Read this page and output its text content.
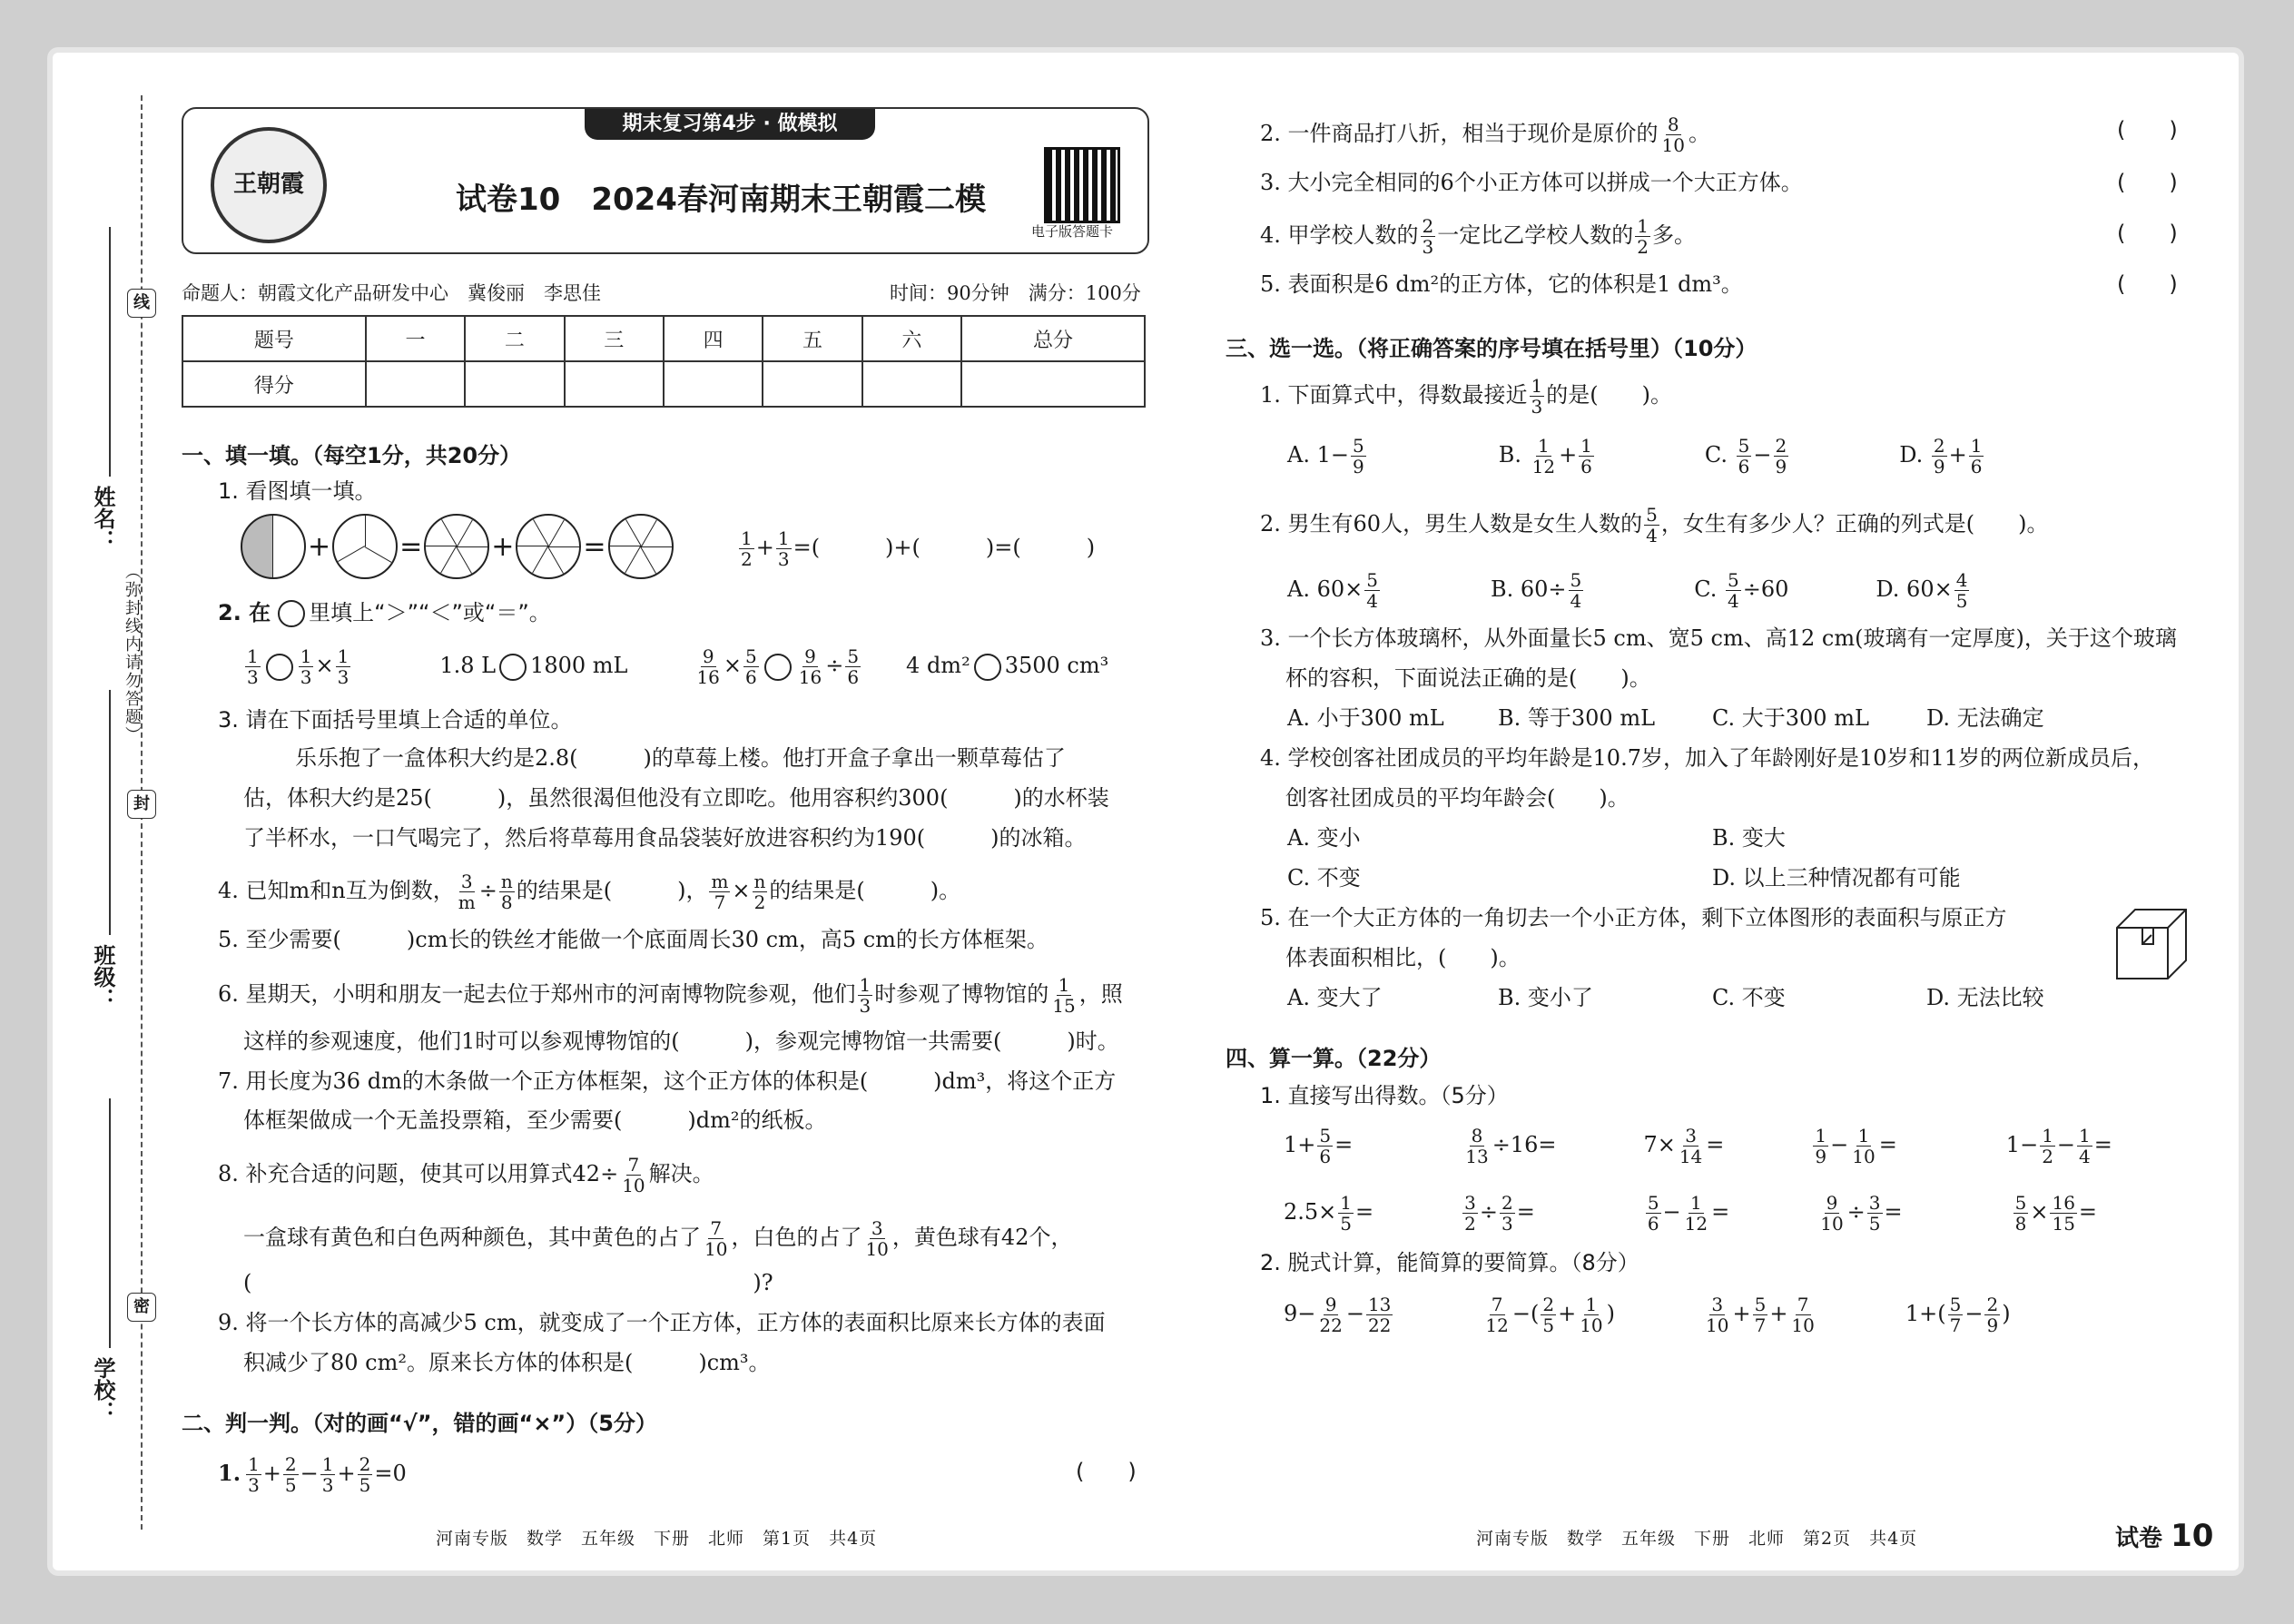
线
封
密
姓名：
班级：
学校：
（弥封线内请勿答题）
王朝霞
期末复习第4步 · 做模拟
试卷10　2024春河南期末王朝霞二模
电子版答题卡
命题人：朝霞文化产品研发中心　冀俊丽　李思佳	时间：90分钟　满分：100分
题号	一	二	三	四	五	六	总分
得分							
一、填一填。（每空1分，共20分）
1. 看图填一填。
+	=	+	=	$\frac{1}{2} + \frac{1}{3}$ =(　　　)+(　　　)=(　　　)
2. 在 里填上“＞”“＜”或“＝”。
$\frac{1}{3} \frac{1}{3} \times \frac{1}{3}$
　　　　	1.8 L 1800 mL　　　	$\frac{9}{16} \times \frac{5}{6} \frac{9}{16} \div \frac{5}{6}$
　　 4 dm² 3500 cm³
3. 请在下面括号里填上合适的单位。
乐乐抱了一盒体积大约是2.8(　　　)的草莓上楼。他打开盒子拿出一颗草莓估了
估，体积大约是25(　　　)，虽然很渴但他没有立即吃。他用容积约300(　　　)的水杯装
了半杯水，一口气喝完了，然后将草莓用食品袋装好放进容积约为190(　　　)的冰箱。
4. 已知m和n互为倒数， $\frac{3}{m} \div \frac{n}{8}$ 的结果是(　　　)， $\frac{m}{7} \times \frac{n}{2}$ 的结果是(　　　)。
5. 至少需要(　　　)cm长的铁丝才能做一个底面周长30 cm，高5 cm的长方体框架。
6. 星期天，小明和朋友一起去位于郑州市的河南博物院参观，他们 $\frac{1}{3}$ 时参观了博物馆的 $\frac{1}{15}$ ，照
这样的参观速度，他们1时可以参观博物馆的(　　　)，参观完博物馆一共需要(　　　)时。
7. 用长度为36 dm的木条做一个正方体框架，这个正方体的体积是(　　　)dm³，将这个正方
体框架做成一个无盖投票箱，至少需要(　　　)dm²的纸板。
8. 补充合适的问题，使其可以用算式$42\div \frac{7}{10}$ 解决。
一盒球有黄色和白色两种颜色，其中黄色的占了 $\frac{7}{10}$ ，白色的占了 $\frac{3}{10}$ ，黄色球有42个，
(　　　　　　　　　　　　　　　　　　　　　　　)?
9. 将一个长方体的高减少5 cm，就变成了一个正方体，正方体的表面积比原来长方体的表面
积减少了80 cm²。原来长方体的体积是(　　　)cm³。
二、判一判。（对的画“√”，错的画“×”）（5分）
1. $\frac{1}{3} + \frac{2}{5} - \frac{1}{3} + \frac{2}{5} =0$	(　　)
2. 一件商品打八折，相当于现价是原价的 $\frac{8}{10}$ 。	(　　)
3. 大小完全相同的6个小正方体可以拼成一个大正方体。	(　　)
4. 甲学校人数的 $\frac{2}{3}$ 一定比乙学校人数的 $\frac{1}{2}$ 多。	(　　)
5. 表面积是6 dm²的正方体，它的体积是1 dm³。	(　　)
三、选一选。（将正确答案的序号填在括号里）（10分）
1. 下面算式中，得数最接近 $\frac{1}{3}$ 的是(　　)。
A. $1- \frac{5}{9}$ 　　　　　　B. $\frac{1}{12} + \frac{1}{6}$ 　　　　　C. $\frac{5}{6} - \frac{2}{9}$ 　　　　　D. $\frac{2}{9} + \frac{1}{6}$
2. 男生有60人，男生人数是女生人数的 $\frac{5}{4}$ ，女生有多少人？正确的列式是(　　)。
A. $60\times \frac{5}{4}$ 　　　　　B. $60\div \frac{5}{4}$ 　　　　　C. $\frac{5}{4} \div 60$　　　　D. $60\times \frac{4}{5}$
3. 一个长方体玻璃杯，从外面量长5 cm、宽5 cm、高12 cm(玻璃有一定厚度)，关于这个玻璃
杯的容积，下面说法正确的是(　　)。
A. 小于300 mL B. 等于300 mL	C. 大于300 mL	D. 无法确定
4. 学校创客社团成员的平均年龄是10.7岁，加入了年龄刚好是10岁和11岁的两位新成员后，
创客社团成员的平均年龄会(　　)。
A. 变小	B. 变大
C. 不变	D. 以上三种情况都有可能
5. 在一个大正方体的一角切去一个小正方体，剩下立体图形的表面积与原正方
体表面积相比，(　　)。
A. 变大了	B. 变小了	C. 不变	D. 无法比较
四、算一算。（22分）
1. 直接写出得数。（5分）
$1+ \frac{5}{6}$ =　　　　　 $\frac{8}{13} \div 16=$　　　　$7\times \frac{3}{14}$ =　　　　 $\frac{1}{9} - \frac{1}{10}$ =　　　　　$1- \frac{1}{2} - \frac{1}{4}$ =
$2.5\times \frac{1}{5}$ =　　　　 $\frac{3}{2} \div \frac{2}{3}$ =　　　　　 $\frac{5}{6} - \frac{1}{12}$ =　　　　 $\frac{9}{10} \div \frac{3}{5}$ =　　　　　 $\frac{5}{8} \times \frac{16}{15}$ =
2. 脱式计算，能简算的要简算。（8分）
$9- \frac{9}{22} - \frac{13}{22}$
　　　　	$\frac{7}{12}$ −( $\frac{2}{5} + \frac{1}{10}$ )　　　　 $\frac{3}{10} + \frac{5}{7} + \frac{7}{10}$ 　　　　$1+( \frac{5}{7} - \frac{2}{9}$ )
河南专版　数学　五年级　下册　北师　第1页　共4页	河南专版　数学　五年级　下册　北师　第2页　共4页	试卷 10
